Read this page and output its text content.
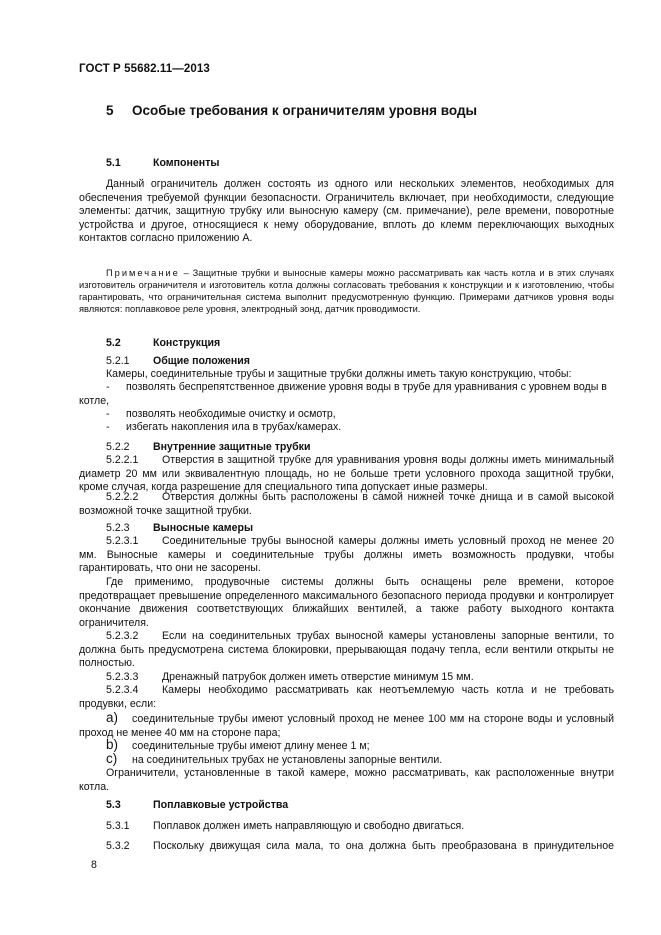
ГОСТ Р 55682.11—2013
5 Особые требования к ограничителям уровня воды
5.1	Компоненты
Данный ограничитель должен состоять из одного или нескольких элементов, необходимых для обеспечения требуемой функции безопасности. Ограничитель включает, при необходимости, следующие элементы: датчик, защитную трубку или выносную камеру (см. примечание), реле времени, поворотные устройства и другое, относящиеся к нему оборудование, вплоть до клемм переключающих выходных контактов согласно приложению А.
Примечание – Защитные трубки и выносные камеры можно рассматривать как часть котла и в этих случаях изготовитель ограничителя и изготовитель котла должны согласовать требования к конструкции и к изготовлению, чтобы гарантировать, что ограничительная система выполнит предусмотренную функцию. Примерами датчиков уровня воды являются: поплавковое реле уровня, электродный зонд, датчик проводимости.
5.2	Конструкция
5.2.1 Общие положения
Камеры, соединительные трубы и защитные трубки должны иметь такую конструкцию, чтобы:
- позволять беспрепятственное движение уровня воды в трубе для уравнивания с уровнем воды в котле,
- позволять необходимые очистку и осмотр,
- избегать накопления ила в трубах/камерах.
5.2.2 Внутренние защитные трубки
5.2.2.1 Отверстия в защитной трубке для уравнивания уровня воды должны иметь минимальный диаметр 20 мм или эквивалентную площадь, но не больше трети условного прохода защитной трубки, кроме случая, когда разрешение для специального типа допускает иные размеры.
5.2.2.2 Отверстия должны быть расположены в самой нижней точке днища и в самой высокой возможной точке защитной трубки.
5.2.3 Выносные камеры
5.2.3.1 Соединительные трубы выносной камеры должны иметь условный проход не менее 20 мм. Выносные камеры и соединительные трубы должны иметь возможность продувки, чтобы гарантировать, что они не засорены.
Где применимо, продувочные системы должны быть оснащены реле времени, которое предотвращает превышение определенного максимального безопасного периода продувки и контролирует окончание движения соответствующих ближайших вентилей, а также работу выходного контакта ограничителя.
5.2.3.2 Если на соединительных трубах выносной камеры установлены запорные вентили, то должна быть предусмотрена система блокировки, прерывающая подачу тепла, если вентили открыты не полностью.
5.2.3.3 Дренажный патрубок должен иметь отверстие минимум 15 мм.
5.2.3.4 Камеры необходимо рассматривать как неотъемлемую часть котла и не требовать продувки, если:
a) соединительные трубы имеют условный проход не менее 100 мм на стороне воды и условный проход не менее 40 мм на стороне пара;
b) соединительные трубы имеют длину менее 1 м;
c) на соединительных трубах не установлены запорные вентили.
Ограничители, установленные в такой камере, можно рассматривать, как расположенные внутри котла.
5.3	Поплавковые устройства
5.3.1 Поплавок должен иметь направляющую и свободно двигаться.
5.3.2 Поскольку движущая сила мала, то она должна быть преобразована в принудительное
8
